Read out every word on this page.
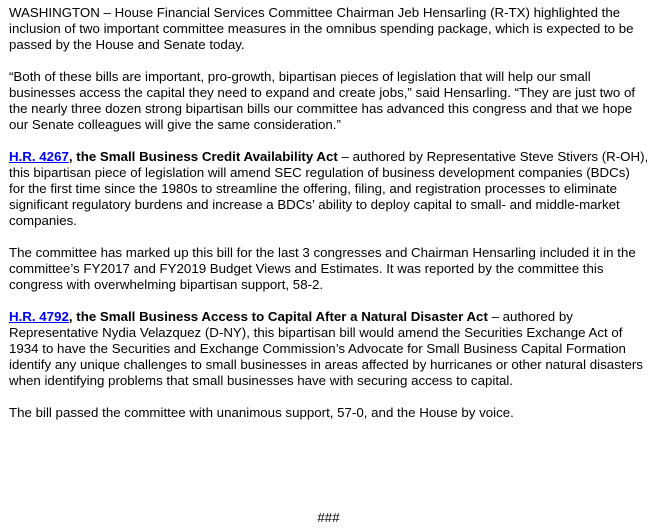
WASHINGTON – House Financial Services Committee Chairman Jeb Hensarling (R-TX) highlighted the inclusion of two important committee measures in the omnibus spending package, which is expected to be passed by the House and Senate today.

“Both of these bills are important, pro-growth, bipartisan pieces of legislation that will help our small businesses access the capital they need to expand and create jobs,” said Hensarling. “They are just two of the nearly three dozen strong bipartisan bills our committee has advanced this congress and that we hope our Senate colleagues will give the same consideration.”

H.R. 4267, the Small Business Credit Availability Act – authored by Representative Steve Stivers (R-OH), this bipartisan piece of legislation will amend SEC regulation of business development companies (BDCs) for the first time since the 1980s to streamline the offering, filing, and registration processes to eliminate significant regulatory burdens and increase a BDCs’ ability to deploy capital to small- and middle-market companies.

The committee has marked up this bill for the last 3 congresses and Chairman Hensarling included it in the committee’s FY2017 and FY2019 Budget Views and Estimates. It was reported by the committee this congress with overwhelming bipartisan support, 58-2.

H.R. 4792, the Small Business Access to Capital After a Natural Disaster Act – authored by Representative Nydia Velazquez (D-NY), this bipartisan bill would amend the Securities Exchange Act of 1934 to have the Securities and Exchange Commission’s Advocate for Small Business Capital Formation identify any unique challenges to small businesses in areas affected by hurricanes or other natural disasters when identifying problems that small businesses have with securing access to capital.

The bill passed the committee with unanimous support, 57-0, and the House by voice.

###
